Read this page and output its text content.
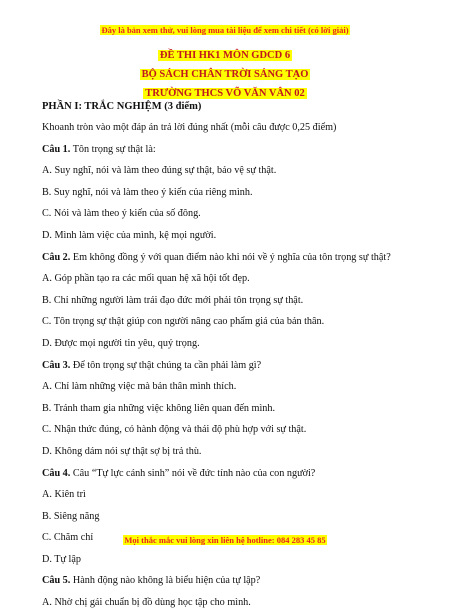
Đây là bản xem thử, vui lòng mua tài liệu để xem chi tiết (có lời giải)
ĐỀ THI HK1 MÔN GDCD 6
BỘ SÁCH CHÂN TRỜI SÁNG TẠO
TRƯỜNG THCS VÕ VĂN VÂN 02
PHẦN I: TRẮC NGHIỆM (3 điểm)
Khoanh tròn vào một đáp án trả lời đúng nhất (mỗi câu được 0,25 điểm)
Câu 1. Tôn trọng sự thật là:
A. Suy nghĩ, nói và làm theo đúng sự thật, bảo vệ sự thật.
B. Suy nghĩ, nói và làm theo ý kiến của riêng mình.
C. Nói và làm theo ý kiến của số đông.
D. Mình làm việc của mình, kệ mọi người.
Câu 2. Em không đồng ý với quan điểm nào khi nói về ý nghĩa của tôn trọng sự thật?
A. Góp phần tạo ra các mối quan hệ xã hội tốt đẹp.
B. Chỉ những người làm trái đạo đức mới phải tôn trọng sự thật.
C. Tôn trọng sự thật giúp con người nâng cao phẩm giá của bản thân.
D. Được mọi người tin yêu, quý trọng.
Câu 3. Để tôn trọng sự thật chúng ta cần phải làm gì?
A. Chỉ làm những việc mà bản thân mình thích.
B. Tránh tham gia những việc không liên quan đến mình.
C. Nhận thức đúng, có hành động và thái độ phù hợp với sự thật.
D. Không dám nói sự thật sợ bị trả thù.
Câu 4. Câu “Tự lực cánh sinh” nói về đức tính nào của con người?
A. Kiên trì
B. Siêng năng
C. Chăm chỉ
D. Tự lập
Câu 5. Hành động nào không là biểu hiện của tự lập?
A. Nhờ chị gái chuẩn bị đồ dùng học tập cho mình.
Mọi thắc mắc vui lòng xin liên hệ hotline: 084 283 45 85
